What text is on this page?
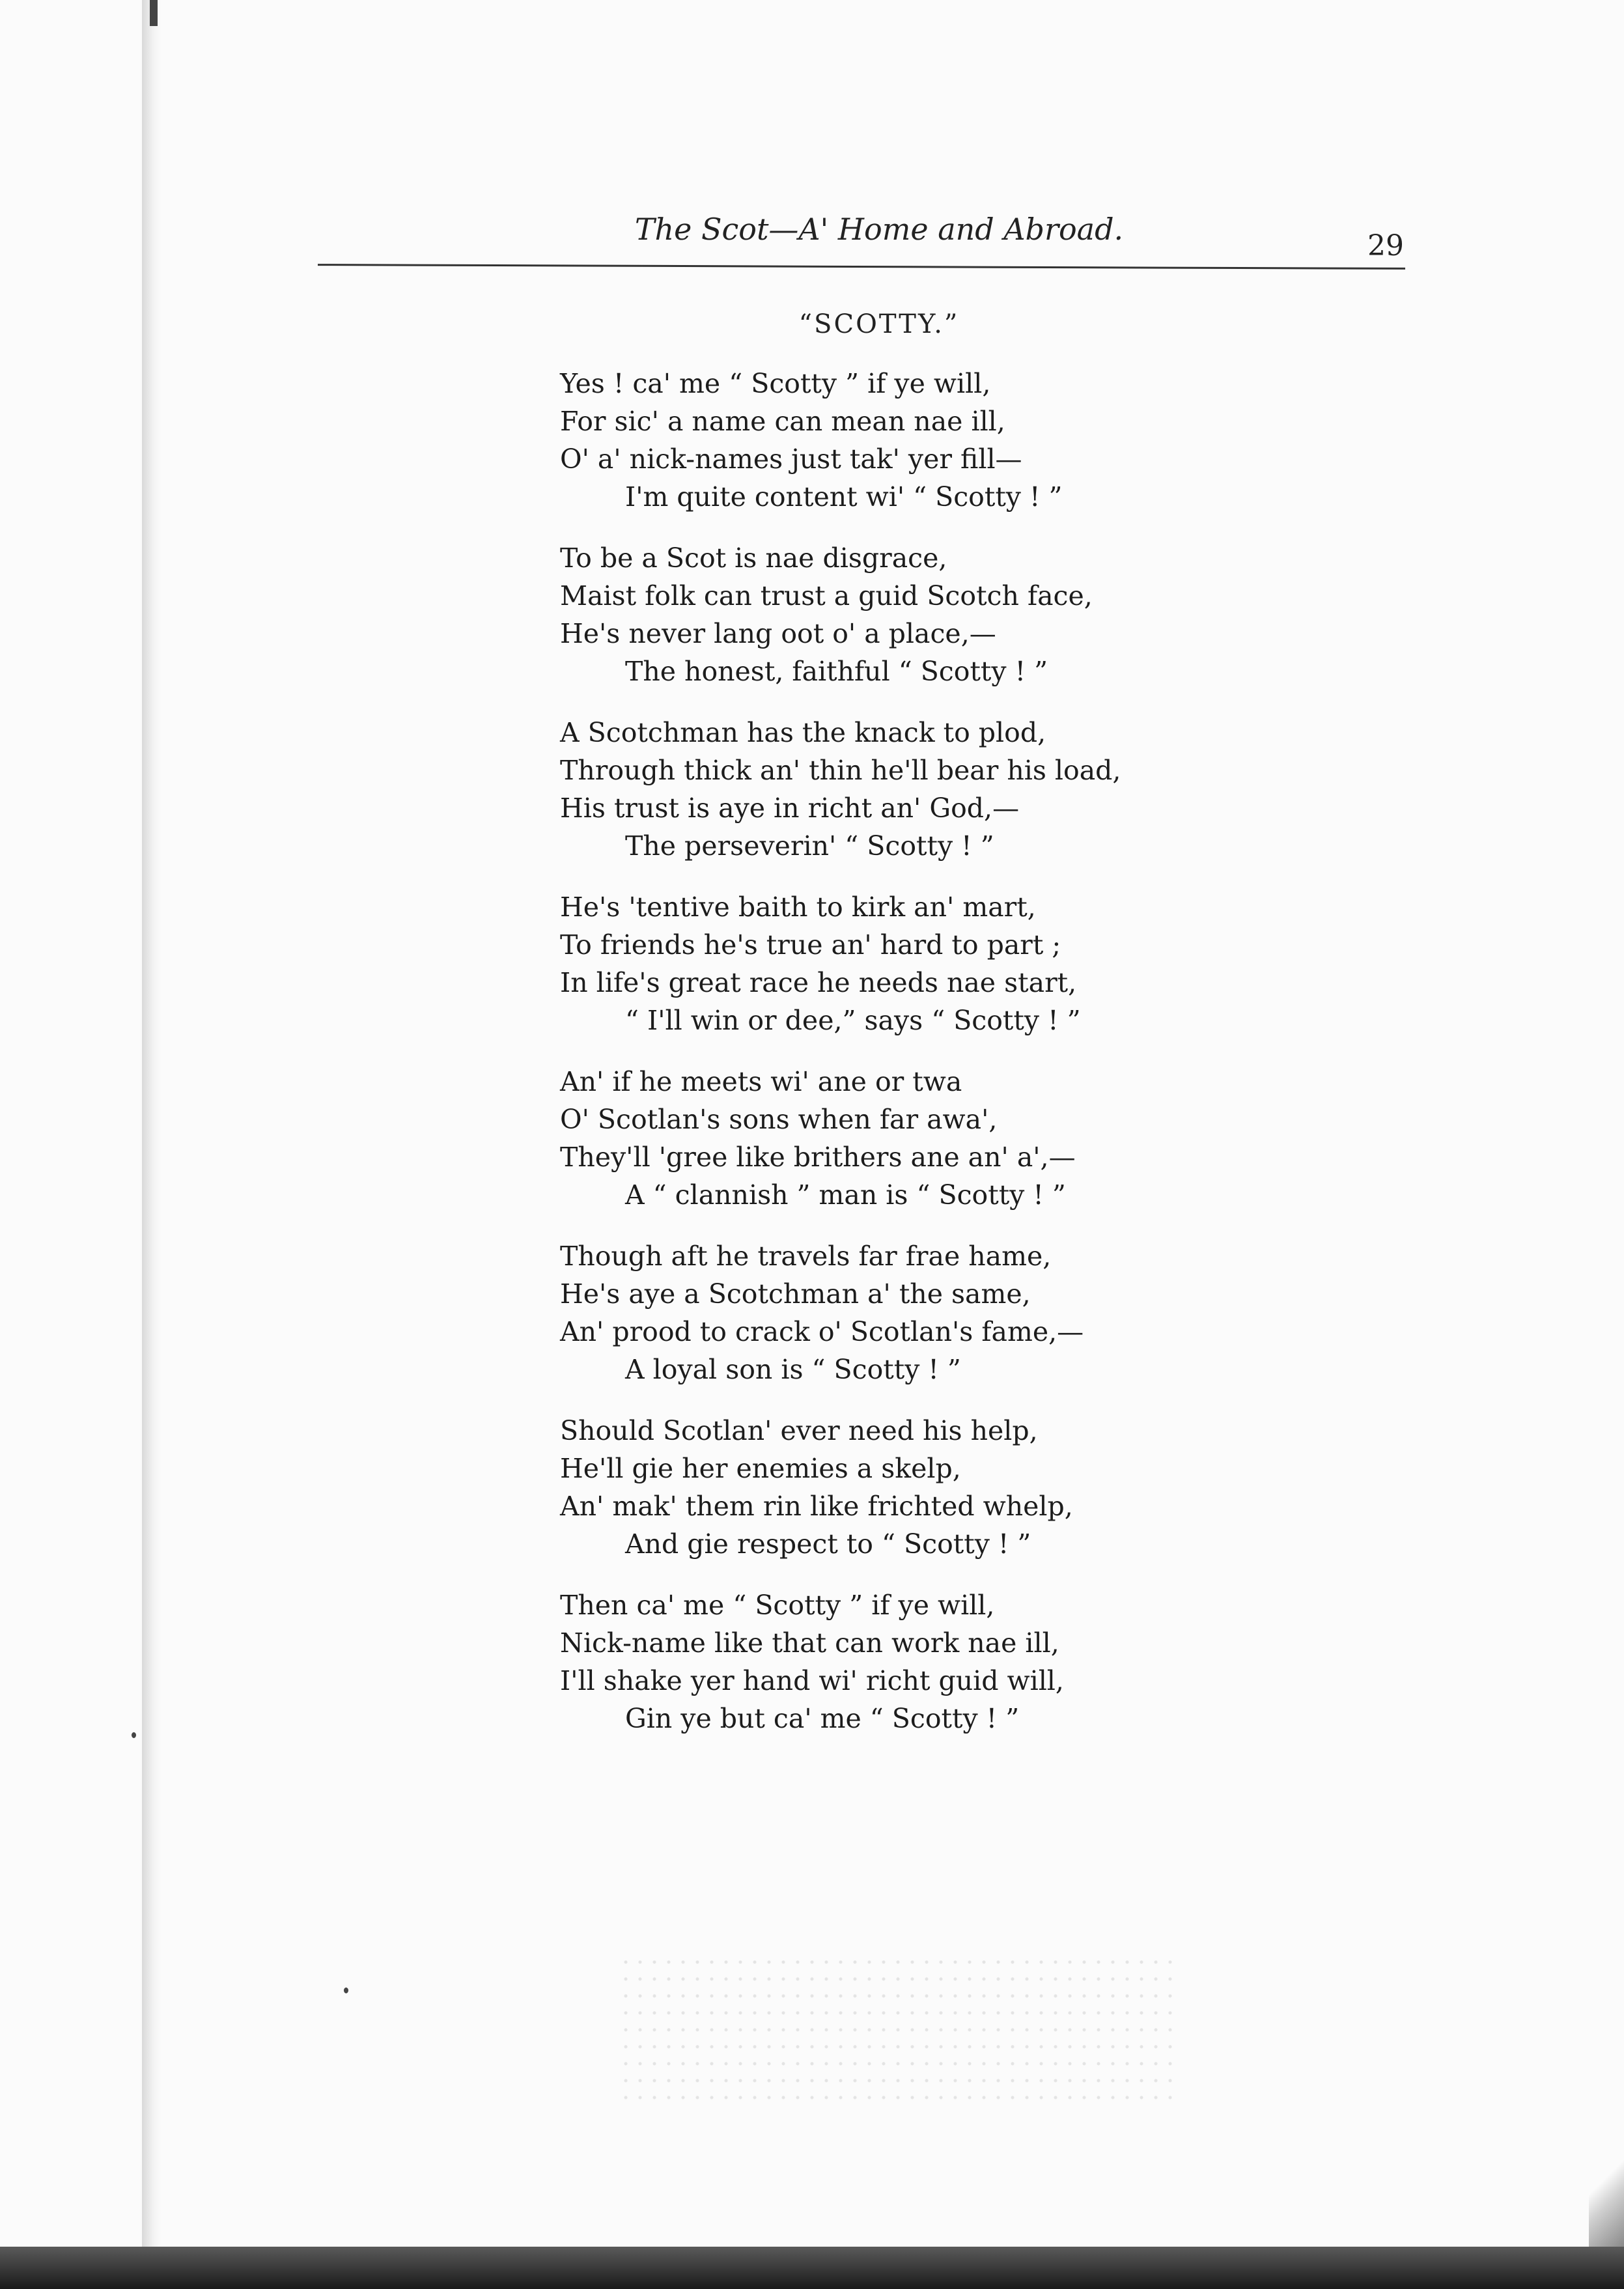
The Scot—A' Home and Abroad.	29
“SCOTTY.”
Yes ! ca' me “ Scotty ” if ye will,
For sic' a name can mean nae ill,
O' a' nick-names just tak' yer fill—
I'm quite content wi' “ Scotty ! ”
To be a Scot is nae disgrace,
Maist folk can trust a guid Scotch face,
He's never lang oot o' a place,—
The honest, faithful “ Scotty ! ”
A Scotchman has the knack to plod,
Through thick an' thin he'll bear his load,
His trust is aye in richt an' God,—
The perseverin' “ Scotty ! ”
He's 'tentive baith to kirk an' mart,
To friends he's true an' hard to part ;
In life's great race he needs nae start,
“ I'll win or dee,” says “ Scotty ! ”
An' if he meets wi' ane or twa
O' Scotlan's sons when far awa',
They'll 'gree like brithers ane an' a',—
A “ clannish ” man is “ Scotty ! ”
Though aft he travels far frae hame,
He's aye a Scotchman a' the same,
An' prood to crack o' Scotlan's fame,—
A loyal son is “ Scotty ! ”
Should Scotlan' ever need his help,
He'll gie her enemies a skelp,
An' mak' them rin like frichted whelp,
And gie respect to “ Scotty ! ”
Then ca' me “ Scotty ” if ye will,
Nick-name like that can work nae ill,
I'll shake yer hand wi' richt guid will,
Gin ye but ca' me “ Scotty ! ”
